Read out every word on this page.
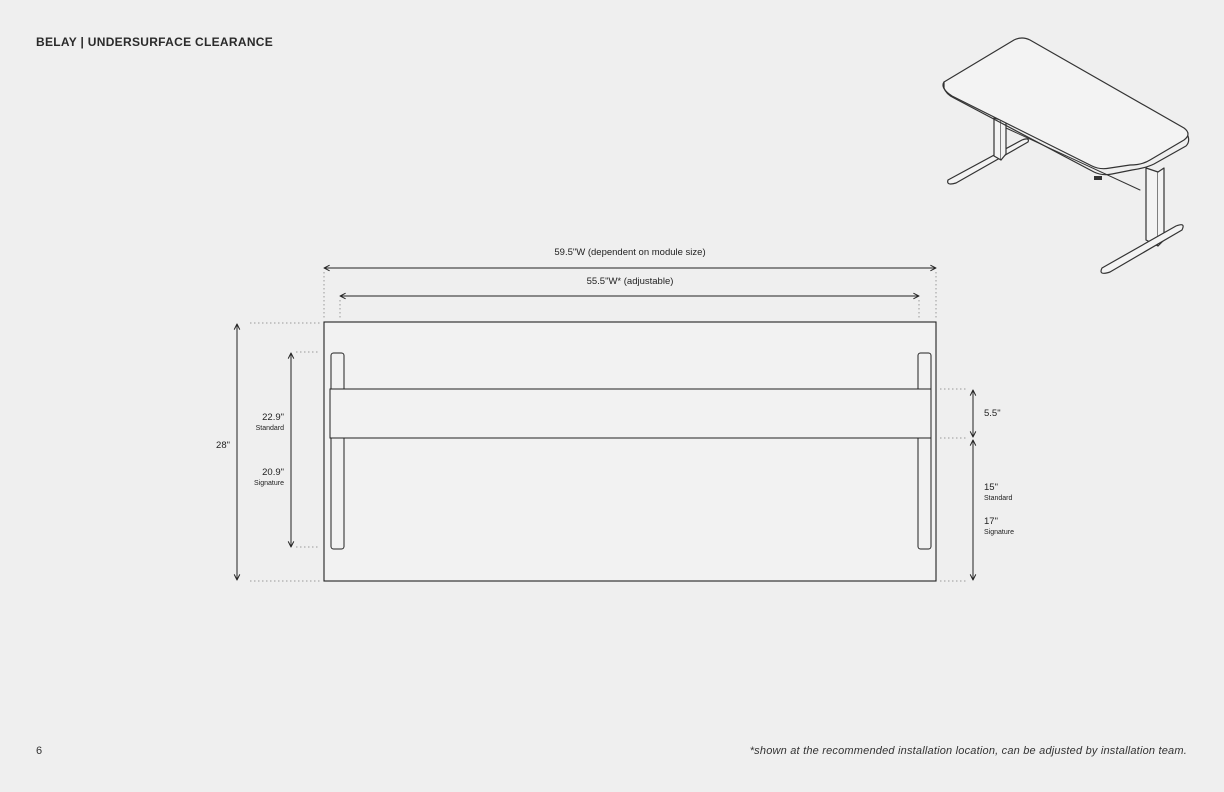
BELAY | UNDERSURFACE CLEARANCE
59.5"W (dependent on module size)
55.5"W* (adjustable)
28"
22.9"
Standard
20.9"
Signature
5.5"
15"
Standard
17"
Signature
6	*shown at the recommended installation location, can be adjusted by installation team.
